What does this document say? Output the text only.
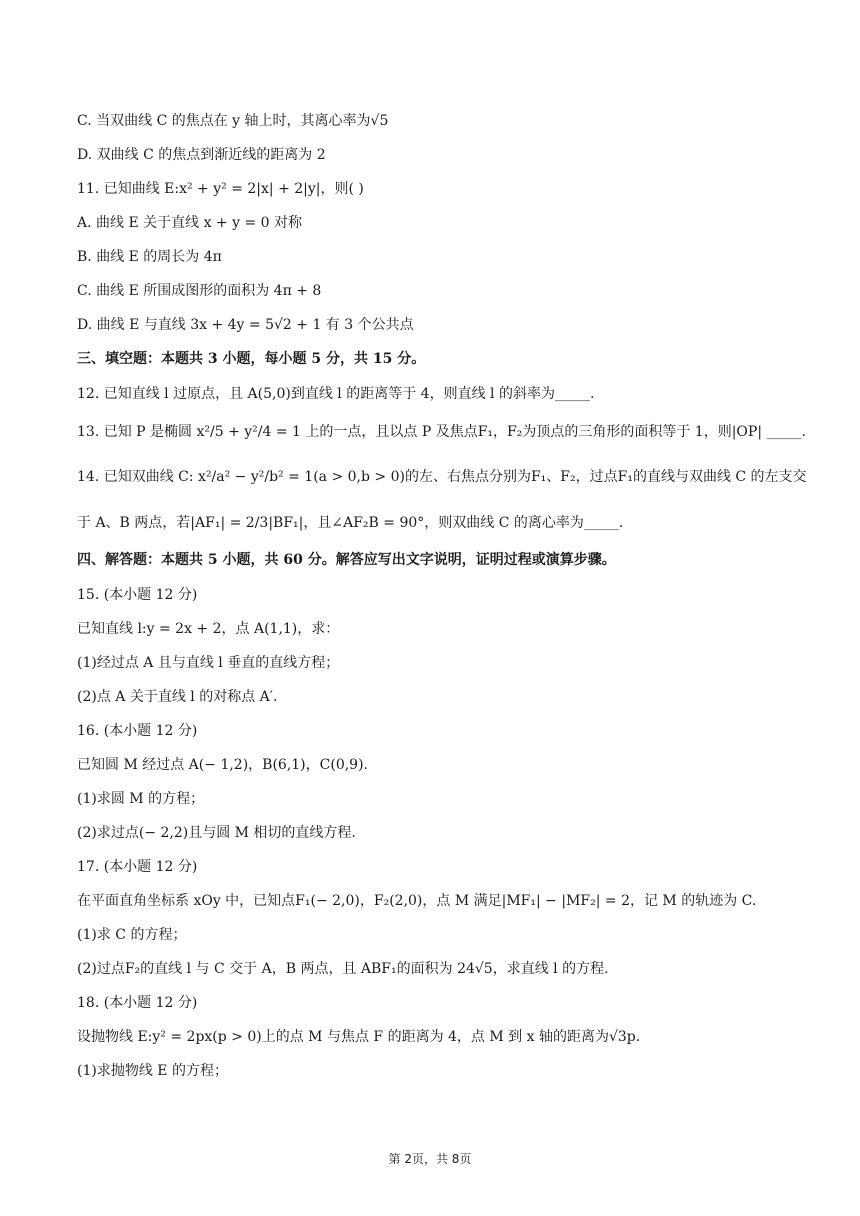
C. 当双曲线 C 的焦点在 y 轴上时，其离心率为√5
D. 双曲线 C 的焦点到渐近线的距离为 2
11. 已知曲线 E:x² + y² = 2|x| + 2|y|，则( )
A. 曲线 E 关于直线 x + y = 0 对称
B. 曲线 E 的周长为 4π
C. 曲线 E 所围成图形的面积为 4π + 8
D. 曲线 E 与直线 3x + 4y = 5√2 + 1 有 3 个公共点
三、填空题：本题共 3 小题，每小题 5 分，共 15 分。
12. 已知直线 l 过原点，且 A(5,0)到直线 l 的距离等于 4，则直线 l 的斜率为_____.
13. 已知 P 是椭圆 x²/5 + y²/4 = 1 上的一点，且以点 P 及焦点F₁，F₂为顶点的三角形的面积等于 1，则|OP| _____.
14. 已知双曲线 C: x²/a² − y²/b² = 1(a > 0,b > 0)的左、右焦点分别为F₁、F₂，过点F₁的直线与双曲线 C 的左支交
于 A、B 两点，若|AF₁| = 2/3|BF₁|，且∠AF₂B = 90°，则双曲线 C 的离心率为_____.
四、解答题：本题共 5 小题，共 60 分。解答应写出文字说明，证明过程或演算步骤。
15. (本小题 12 分)
已知直线 l:y = 2x + 2，点 A(1,1)，求：
(1)经过点 A 且与直线 l 垂直的直线方程；
(2)点 A 关于直线 l 的对称点 A′.
16. (本小题 12 分)
已知圆 M 经过点 A(− 1,2)，B(6,1)，C(0,9).
(1)求圆 M 的方程；
(2)求过点(− 2,2)且与圆 M 相切的直线方程.
17. (本小题 12 分)
在平面直角坐标系 xOy 中，已知点F₁(− 2,0)，F₂(2,0)，点 M 满足|MF₁| − |MF₂| = 2，记 M 的轨迹为 C.
(1)求 C 的方程；
(2)过点F₂的直线 l 与 C 交于 A，B 两点，且 ABF₁的面积为 24√5，求直线 l 的方程.
18. (本小题 12 分)
设抛物线 E:y² = 2px(p > 0)上的点 M 与焦点 F 的距离为 4，点 M 到 x 轴的距离为√3p.
(1)求抛物线 E 的方程；
第 2页，共 8页
